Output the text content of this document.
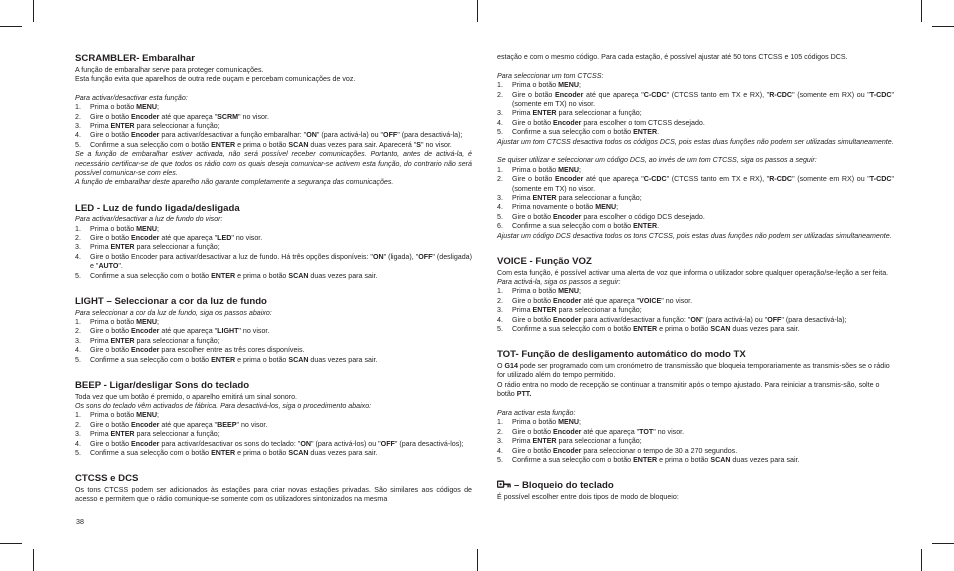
SCRAMBLER- Embaralhar

A função de embaralhar serve para proteger comunicações.

Esta função evita que aparelhos de outra rede ouçam e percebam comunicações de voz.

Para activar/desactivar esta função:

1. Prima o botão MENU;
2. Gire o botão Encoder até que apareça "SCRM" no visor.
3. Prima ENTER para seleccionar a função;
4. Gire o botão Encoder para activar/desactivar a função embaralhar: "ON" (para activá-la) ou "OFF" (para desactivá-la);
5. Confirme a sua selecção com o botão ENTER e prima o botão SCAN duas vezes para sair. Aparecerá "S" no visor.

Se a função de embaralhar estiver activada, não será possível receber comunicações. Portanto, antes de activá-la, é necessário certificar-se de que todos os rádio com os quais deseja comunicar-se activem esta função, do contrario não será possível comunicar-se com eles.

A função de embaralhar deste aparelho não garante completamente a segurança das comunicações.

LED - Luz de fundo ligada/desligada

Para activar/desactivar a luz de fundo do visor:

1. Prima o botão MENU;
2. Gire o botão Encoder até que apareça "LED" no visor.
3. Prima ENTER para seleccionar a função;
4. Gire o botão Encoder para activar/desactivar a luz de fundo. Há três opções disponíveis: "ON" (ligada), "OFF" (desligada) e "AUTO".
5. Confirme a sua selecção com o botão ENTER e prima o botão SCAN duas vezes para sair.
LIGHT – Seleccionar a cor da luz de fundo

Para seleccionar a cor da luz de fundo, siga os passos abaixo:

1. Prima o botão MENU;
2. Gire o botão Encoder até que apareça "LIGHT" no visor.
3. Prima ENTER para seleccionar a função;
4. Gire o botão Encoder para escolher entre as três cores disponíveis.
5. Confirme a sua selecção com o botão ENTER e prima o botão SCAN duas vezes para sair.
BEEP - Ligar/desligar Sons do teclado

Toda vez que um botão é premido, o aparelho emitirá um sinal sonoro.

Os sons do teclado vêm activados de fábrica. Para desactivá-los, siga o procedimento abaixo:

1. Prima o botão MENU;
2. Gire o botão Encoder até que apareça "BEEP" no visor.
3. Prima ENTER para seleccionar a função;
4. Gire o botão Encoder para activar/desactivar os sons do teclado: "ON" (para activá-los) ou "OFF" (para desactivá-los);
5. Confirme a sua selecção com o botão ENTER e prima o botão SCAN duas vezes para sair.
CTCSS e DCS

Os tons CTCSS podem ser adicionados às estações para criar novas estações privadas. São similares aos códigos de acesso e permitem que o rádio comunique-se somente com os utilizadores sintonizados na mesma

38

estação e com o mesmo código. Para cada estação, é possível ajustar até 50 tons CTCSS e 105 códigos DCS.

Para seleccionar um tom CTCSS:

1. Prima o botão MENU;
2. Gire o botão Encoder até que apareça "C-CDC" (CTCSS tanto em TX e RX), "R-CDC" (somente em RX) ou "T-CDC" (somente em TX) no visor.
3. Prima ENTER para seleccionar a função;
4. Gire o botão Encoder para escolher o tom CTCSS desejado.
5. Confirme a sua selecção com o botão ENTER.

Ajustar um tom CTCSS desactiva todos os códigos DCS, pois estas duas funções não podem ser utilizadas simultaneamente.

Se quiser utilizar e seleccionar um código DCS, ao invés de um tom CTCSS, siga os passos a seguir:

1. Prima o botão MENU;
2. Gire o botão Encoder até que apareça "C-CDC" (CTCSS tanto em TX e RX), "R-CDC" (somente em RX) ou "T-CDC" (somente em TX) no visor.
3. Prima ENTER para seleccionar a função;
4. Prima novamente o botão MENU;
5. Gire o botão Encoder para escolher o código DCS desejado.
6. Confirme a sua selecção com o botão ENTER.

Ajustar um código DCS desactiva todos os tons CTCSS, pois estas duas funções não podem ser utilizadas simultaneamente.

VOICE - Função VOZ

Com esta função, é possível activar uma alerta de voz que informa o utilizador sobre qualquer operação/se-leção a ser feita.

Para activá-la, siga os passos a seguir:

1. Prima o botão MENU;
2. Gire o botão Encoder até que apareça "VOICE" no visor.
3. Prima ENTER para seleccionar a função;
4. Gire o botão Encoder para activar/desactivar a função: "ON" (para activá-la) ou "OFF" (para desactivá-la);
5. Confirme a sua selecção com o botão ENTER e prima o botão SCAN duas vezes para sair.
TOT- Função de desligamento automático do modo TX

O G14 pode ser programado com um cronómetro de transmissão que bloqueia temporariamente as transmis-sões se o rádio for utilizado além do tempo permitido.

O rádio entra no modo de recepção se continuar a transmitir após o tempo ajustado. Para reiniciar a transmis-são, solte o botão PTT.

Para activar esta função:

1. Prima o botão MENU;
2. Gire o botão Encoder até que apareça "TOT" no visor.
3. Prima ENTER para seleccionar a função;
4. Gire o botão Encoder para seleccionar o tempo de 30 a 270 segundos.
5. Confirme a sua selecção com o botão ENTER e prima o botão SCAN duas vezes para sair.
– Bloqueio do teclado

É possível escolher entre dois tipos de modo de bloqueio:
